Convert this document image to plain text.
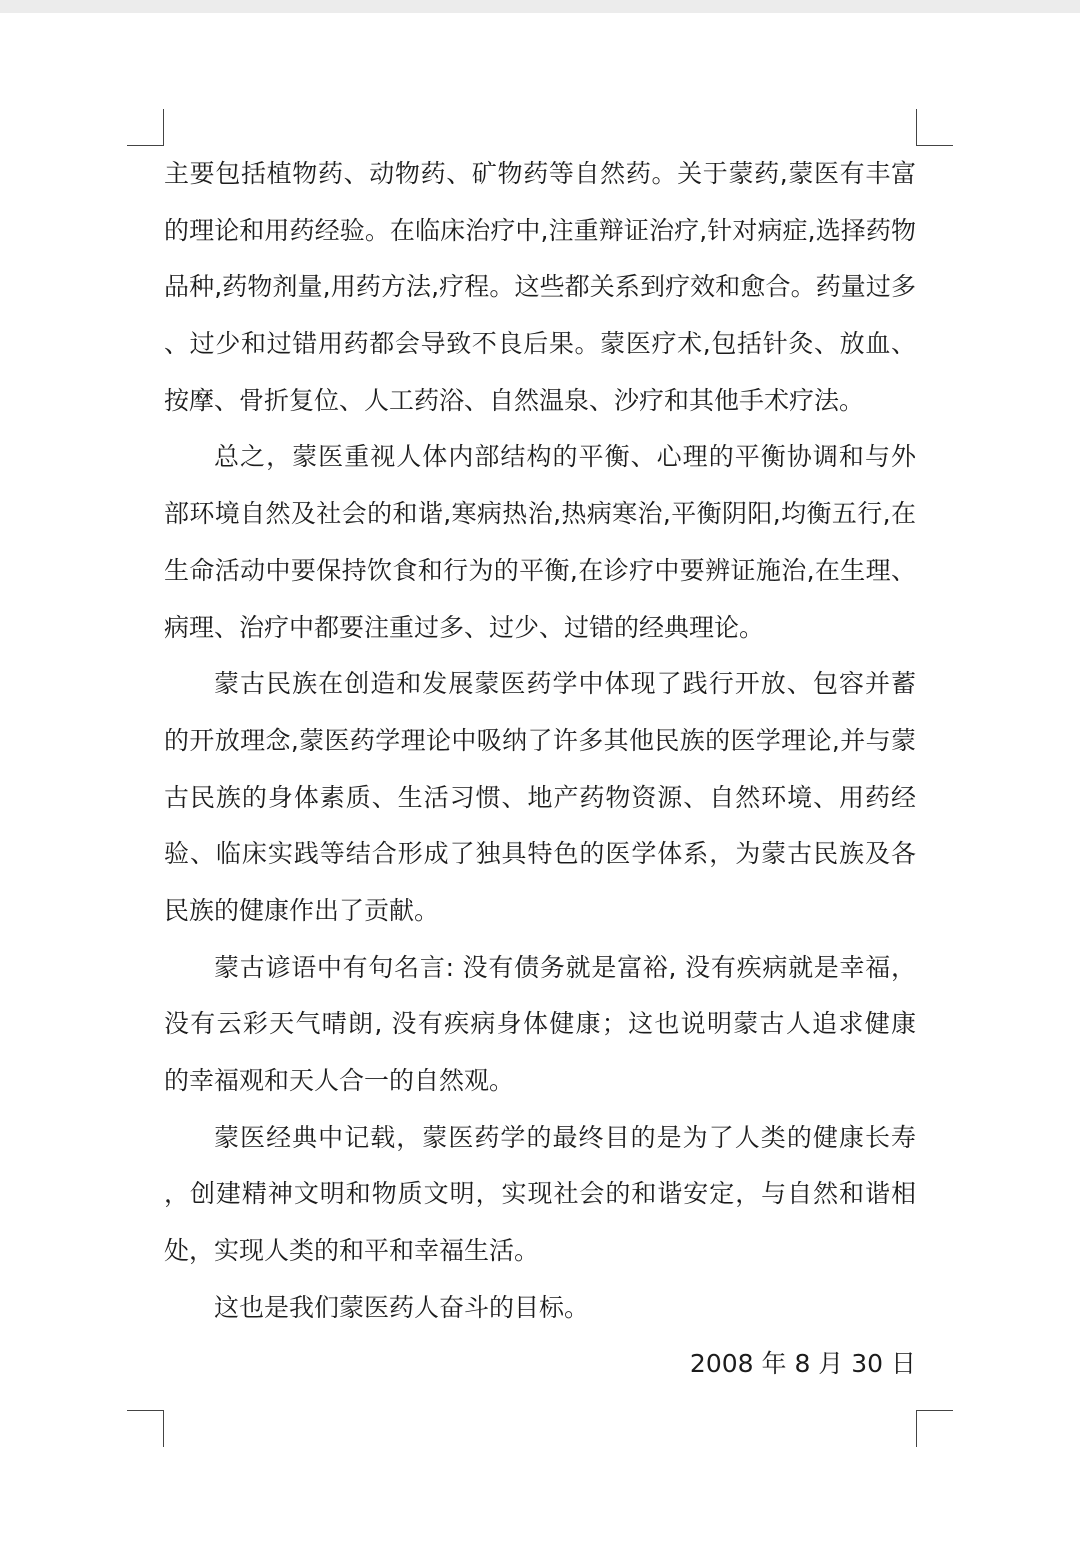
主要包括植物药、动物药、矿物药等自然药。关于蒙药,蒙医有丰富
的理论和用药经验。在临床治疗中,注重辩证治疗,针对病症,选择药物
品种,药物剂量,用药方法,疗程。这些都关系到疗效和愈合。药量过多
、过少和过错用药都会导致不良后果。蒙医疗术,包括针灸、放血、
按摩、骨折复位、人工药浴、自然温泉、沙疗和其他手术疗法。
总之，蒙医重视人体内部结构的平衡、心理的平衡协调和与外
部环境自然及社会的和谐,寒病热治,热病寒治,平衡阴阳,均衡五行,在
生命活动中要保持饮食和行为的平衡,在诊疗中要辨证施治,在生理、
病理、治疗中都要注重过多、过少、过错的经典理论。
蒙古民族在创造和发展蒙医药学中体现了践行开放、包容并蓄
的开放理念,蒙医药学理论中吸纳了许多其他民族的医学理论,并与蒙
古民族的身体素质、生活习惯、地产药物资源、自然环境、用药经
验、临床实践等结合形成了独具特色的医学体系，为蒙古民族及各
民族的健康作出了贡献。
蒙古谚语中有句名言: 没有债务就是富裕, 没有疾病就是幸福，
没有云彩天气晴朗, 没有疾病身体健康；这也说明蒙古人追求健康
的幸福观和天人合一的自然观。
蒙医经典中记载，蒙医药学的最终目的是为了人类的健康长寿
，创建精神文明和物质文明，实现社会的和谐安定，与自然和谐相
处，实现人类的和平和幸福生活。
这也是我们蒙医药人奋斗的目标。
2008 年 8 月 30 日
